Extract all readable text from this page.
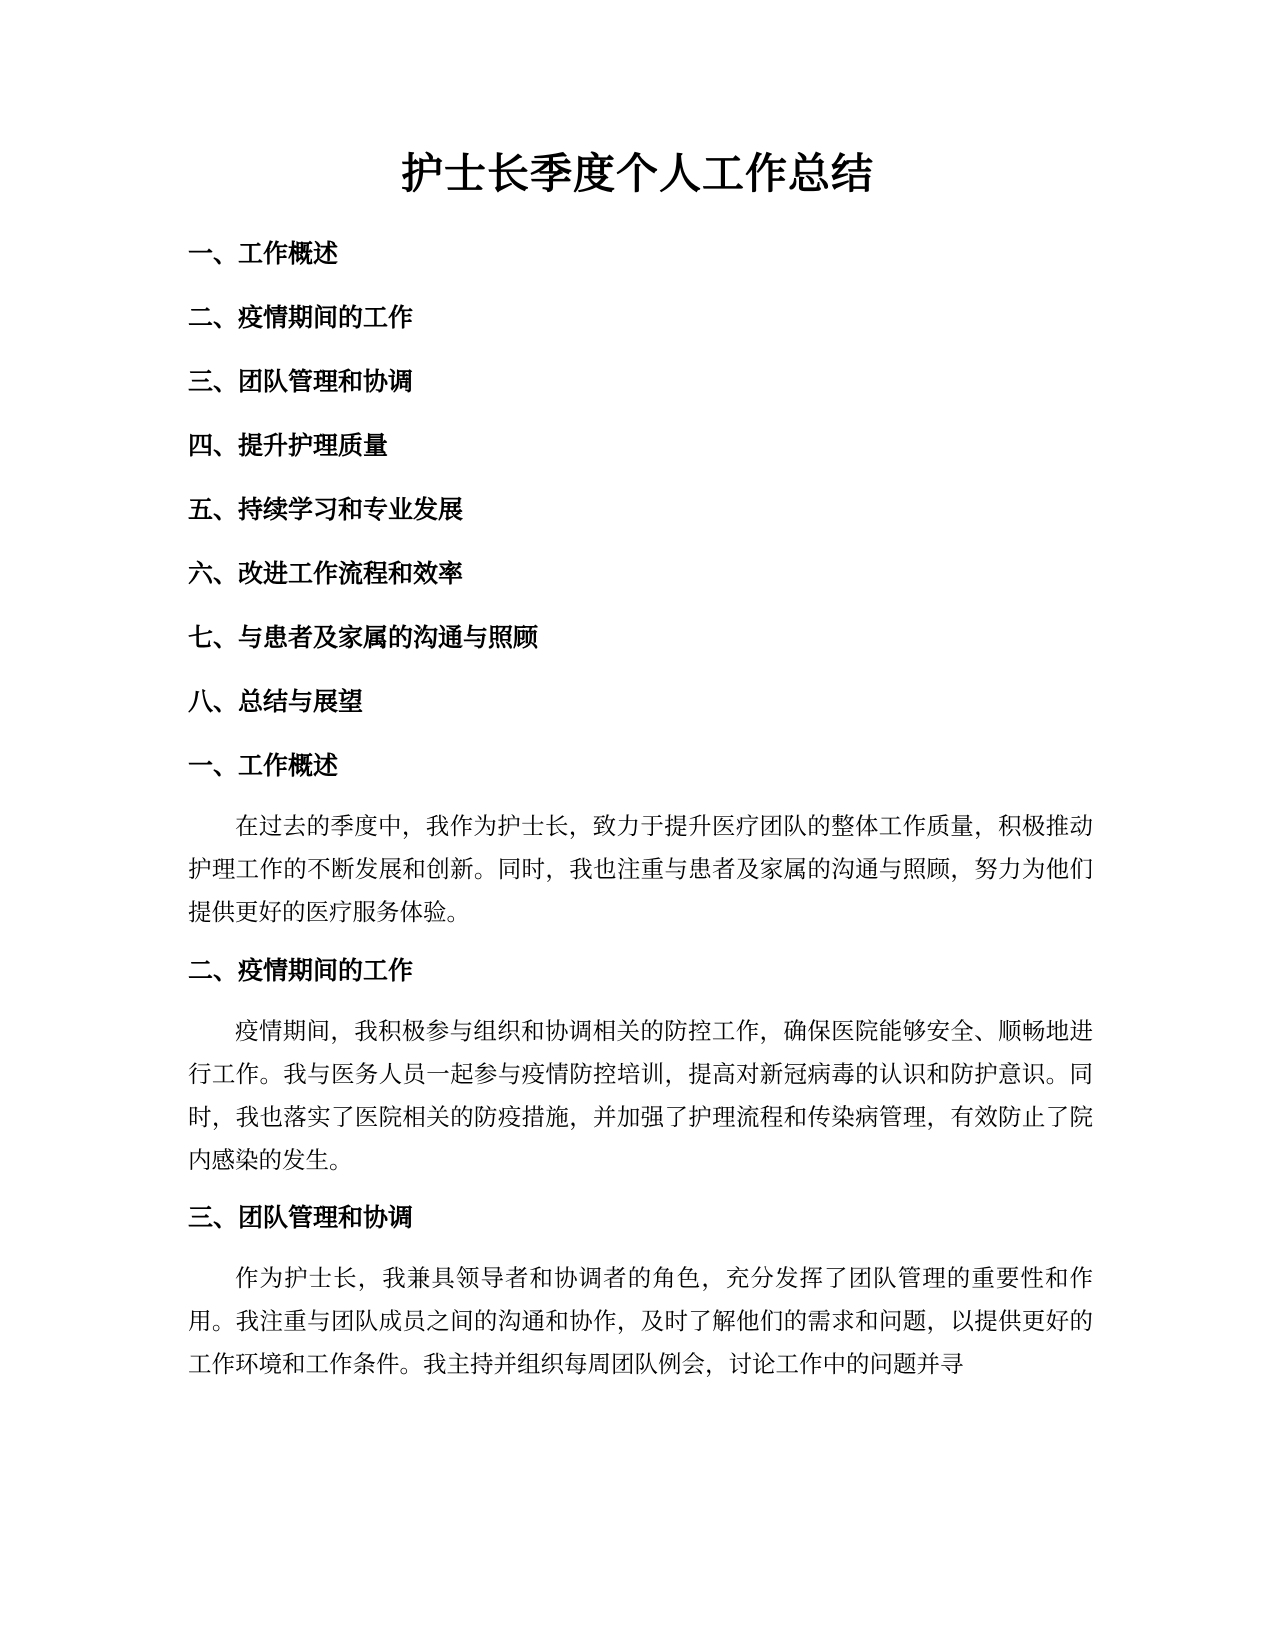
护士长季度个人工作总结
一、工作概述
二、疫情期间的工作
三、团队管理和协调
四、提升护理质量
五、持续学习和专业发展
六、改进工作流程和效率
七、与患者及家属的沟通与照顾
八、总结与展望
一、工作概述
在过去的季度中，我作为护士长，致力于提升医疗团队的整体工作质量，积极推动护理工作的不断发展和创新。同时，我也注重与患者及家属的沟通与照顾，努力为他们提供更好的医疗服务体验。
二、疫情期间的工作
疫情期间，我积极参与组织和协调相关的防控工作，确保医院能够安全、顺畅地进行工作。我与医务人员一起参与疫情防控培训，提高对新冠病毒的认识和防护意识。同时，我也落实了医院相关的防疫措施，并加强了护理流程和传染病管理，有效防止了院内感染的发生。
三、团队管理和协调
作为护士长，我兼具领导者和协调者的角色，充分发挥了团队管理的重要性和作用。我注重与团队成员之间的沟通和协作，及时了解他们的需求和问题，以提供更好的工作环境和工作条件。我主持并组织每周团队例会，讨论工作中的问题并寻
